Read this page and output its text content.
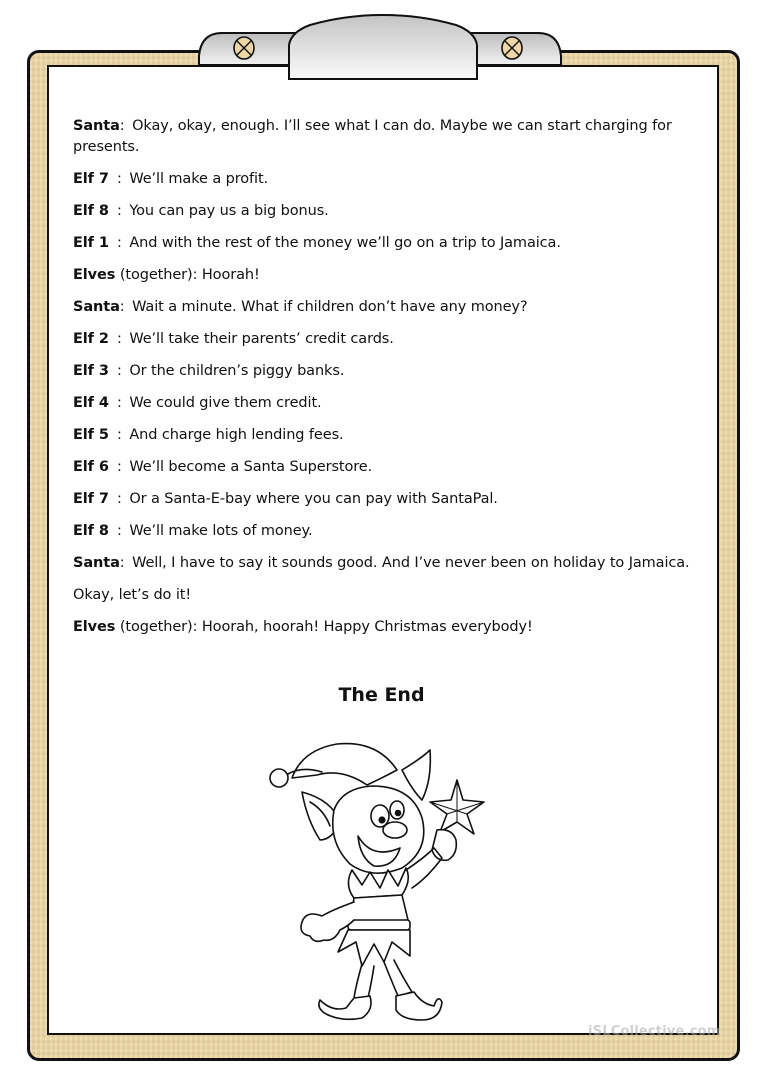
Santa: Okay, okay, enough. I’ll see what I can do. Maybe we can start charging for presents.

Elf 7 : We’ll make a profit.

Elf 8 : You can pay us a big bonus.

Elf 1 : And with the rest of the money we’ll go on a trip to Jamaica.

Elves (together): Hoorah!

Santa: Wait a minute. What if children don’t have any money?

Elf 2 : We’ll take their parents’ credit cards.

Elf 3 : Or the children’s piggy banks.

Elf 4 : We could give them credit.

Elf 5 : And charge high lending fees.

Elf 6 : We’ll become a Santa Superstore.

Elf 7 : Or a Santa-E-bay where you can pay with SantaPal.

Elf 8 : We’ll make lots of money.

Santa: Well, I have to say it sounds good. And I’ve never been on holiday to Jamaica.

Okay, let’s do it!

Elves (together): Hoorah, hoorah! Happy Christmas everybody!

The End
iSLCollective.com
